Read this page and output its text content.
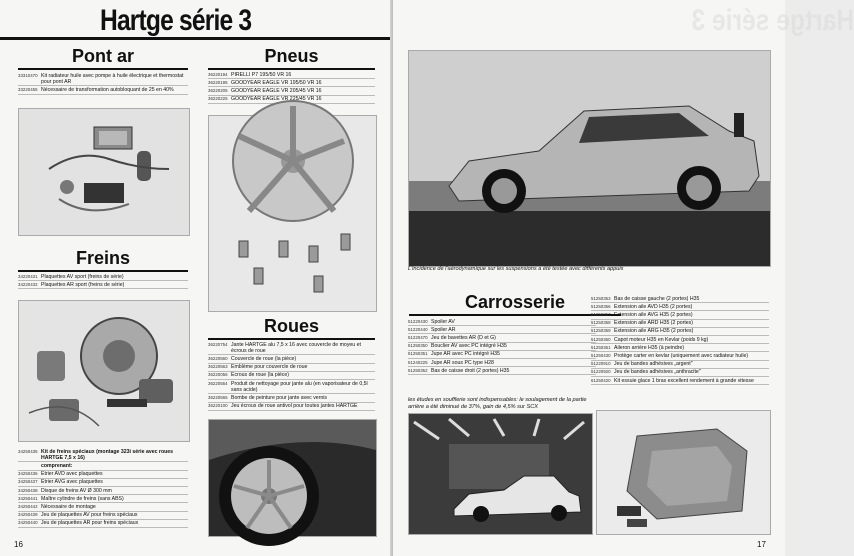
Hartge série 3
Pont ar
33310470 Kit radiateur huile avec pompe à huile électrique et thermostat pour pont AR
33220455 Nécessaire de transformation autobloquant de 25 en 40%
Freins
34220431 Plaquettes AV sport (freins de série)
34220432 Plaquettes AR sport (freins de série)
34250435 Kit de freins spéciaux (montage 323i série avec roues HARTGE 7,5 x 16)
comprenant:
34250436 Etrier AVD avec plaquettes
34250437 Etrier AVG avec plaquettes
34250438 Disque de freins AV Ø 300 mm
34250441 Maître cylindre de freins (sans ABS)
34250442 Nécessaire de montage
34250439 Jeu de plaquettes AV pour freins spéciaux
34250440 Jeu de plaquettes AR pour freins spéciaux
Pneus
36220194 PIRELLI P7 195/50 VR 16
36220195 GOODYEAR EAGLE VR 195/50 VR 16
36220205 GOODYEAR EAGLE VR 205/45 VR 16
36220225 GOODYEAR EAGLE VR 225/45 VR 16
Roues
36220754 Jante HARTGE alu 7,5 x 16 avec couvercle de moyeu et écrous de roue
36220560 Couvercle de roue (la pièce)
36220563 Emblème pour couvercle de roue
36220056 Ecrous de roue (la pièce)
36220564 Produit de nettoyage pour jante alu (en vaporisateur de 0,5l sans acide)
36220565 Bombe de peinture pour jante avec vernis
36220100 Jeu écrous de roue antivol pour toutes jantes HARTGE
16
Hartge série 3
L'incidence de l'aérodynamique sur les suspensions a été testée avec différents appuis
Carrosserie
51220430 Spoiler AV
51220440 Spoiler AR
51220470 Jeu de bavettes AR (D et G)
51250350 Bouclier AV avec PC intégré H35
51250351 Jupe AR avec PC intégré H35
51240225 Jupe AR sous PC type H28
51250352 Bas de caisse droit (2 portes) H35
51250353 Bas de caisse gauche (2 portes) H35
51250356 Extension aile AVD H35 (2 portes)
51250357 Extension aile AVG H35 (2 portes)
51250358 Extension aile ARD H35 (2 portes)
51250359 Extension aile ARG H35 (2 portes)
51250360 Capot moteur H35 en Kevlar (poids 9 kg)
51250361 Aileron arrière H35 (à peindre)
51250430 Protège carter en kevlar (uniquement avec radiateur huile)
51220910 Jeu de bandes adhésives „argent"
51220920 Jeu de bandes adhésives „anthracite"
61250420 Kit essuie glace 1 bras excellent rendement à grande vitesse
les études en soufflerie sont indispensables: le soulagement de la partie arrière a été diminué de 37%, gain de 4,5% sur SCX
17
